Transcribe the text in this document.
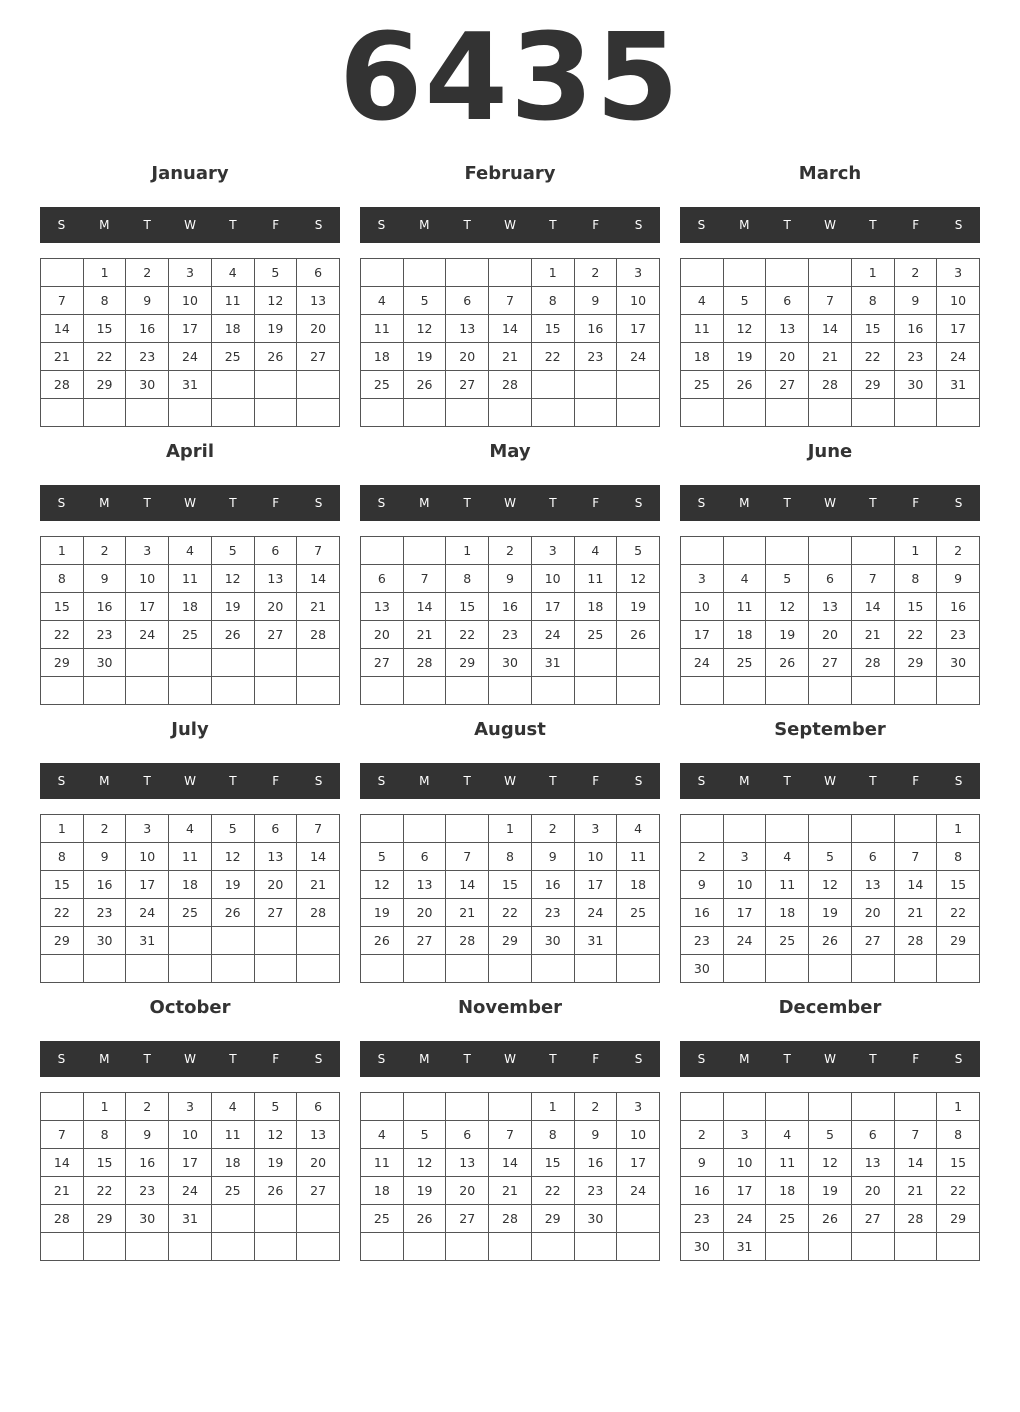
6435
January
S	M	T	W	T	F	S
	1	2	3	4	5	6
7	8	9	10	11	12	13
14	15	16	17	18	19	20
21	22	23	24	25	26	27
28	29	30	31			

February
S	M	T	W	T	F	S
				1	2	3
4	5	6	7	8	9	10
11	12	13	14	15	16	17
18	19	20	21	22	23	24
25	26	27	28			

March
S	M	T	W	T	F	S
				1	2	3
4	5	6	7	8	9	10
11	12	13	14	15	16	17
18	19	20	21	22	23	24
25	26	27	28	29	30	31

April
S	M	T	W	T	F	S
1	2	3	4	5	6	7
8	9	10	11	12	13	14
15	16	17	18	19	20	21
22	23	24	25	26	27	28
29	30					

May
S	M	T	W	T	F	S
		1	2	3	4	5
6	7	8	9	10	11	12
13	14	15	16	17	18	19
20	21	22	23	24	25	26
27	28	29	30	31		

June
S	M	T	W	T	F	S
					1	2
3	4	5	6	7	8	9
10	11	12	13	14	15	16
17	18	19	20	21	22	23
24	25	26	27	28	29	30

July
S	M	T	W	T	F	S
1	2	3	4	5	6	7
8	9	10	11	12	13	14
15	16	17	18	19	20	21
22	23	24	25	26	27	28
29	30	31				

August
S	M	T	W	T	F	S
			1	2	3	4
5	6	7	8	9	10	11
12	13	14	15	16	17	18
19	20	21	22	23	24	25
26	27	28	29	30	31	

September
S	M	T	W	T	F	S
						1
2	3	4	5	6	7	8
9	10	11	12	13	14	15
16	17	18	19	20	21	22
23	24	25	26	27	28	29
30						
October
S	M	T	W	T	F	S
	1	2	3	4	5	6
7	8	9	10	11	12	13
14	15	16	17	18	19	20
21	22	23	24	25	26	27
28	29	30	31			

November
S	M	T	W	T	F	S
				1	2	3
4	5	6	7	8	9	10
11	12	13	14	15	16	17
18	19	20	21	22	23	24
25	26	27	28	29	30	

December
S	M	T	W	T	F	S
						1
2	3	4	5	6	7	8
9	10	11	12	13	14	15
16	17	18	19	20	21	22
23	24	25	26	27	28	29
30	31					
